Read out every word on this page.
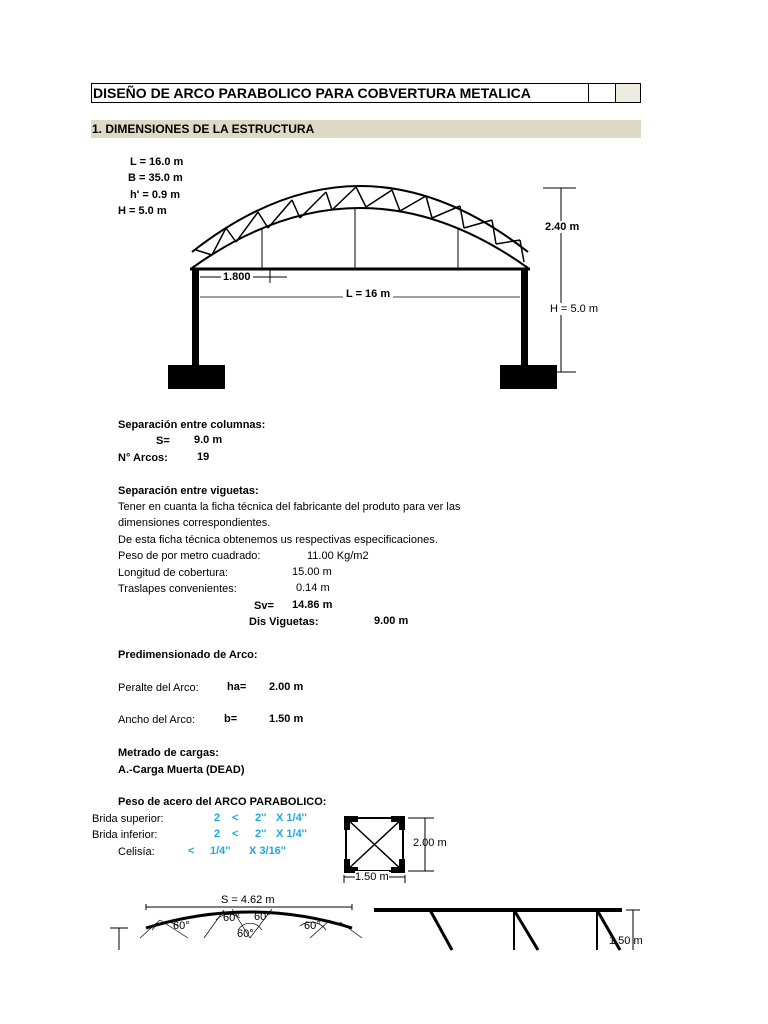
DISEÑO DE ARCO PARABOLICO PARA COBVERTURA METALICA
1. DIMENSIONES DE LA ESTRUCTURA
L = 16.0 m
B = 35.0 m
h' = 0.9 m
H = 5.0 m
1.800
L = 16 m
2.40 m
H = 5.0 m
Separación entre columnas:
S= 9.0 m
N° Arcos:	19
Separación entre viguetas:
Tener en cuanta la ficha técnica del fabricante del produto para ver las
dimensiones correspondientes.
De esta ficha técnica obtenemos us respectivas especificaciones.
Peso de por metro cuadrado:	11.00 Kg/m2
Longitud de cobertura:	15.00 m
Traslapes convenientes:	0.14 m
Sv= 14.86 m
Dis Viguetas:	9.00 m
Predimensionado de Arco:
Peralte del Arco:	ha= 2.00 m
Ancho del Arco:	b=	1.50 m
Metrado de cargas:
A.-Carga Muerta (DEAD)
Peso de acero del ARCO PARABOLICO:
Brida superior:	2 < 2'' X 1/4''
Brida inferior:	2 < 2'' X 1/4''
Celisía:	< 1/4'' X 3/16''
2.00 m
1.50 m
60°
60° 60°
60°
60°
S = 4.62 m
1.50 m
